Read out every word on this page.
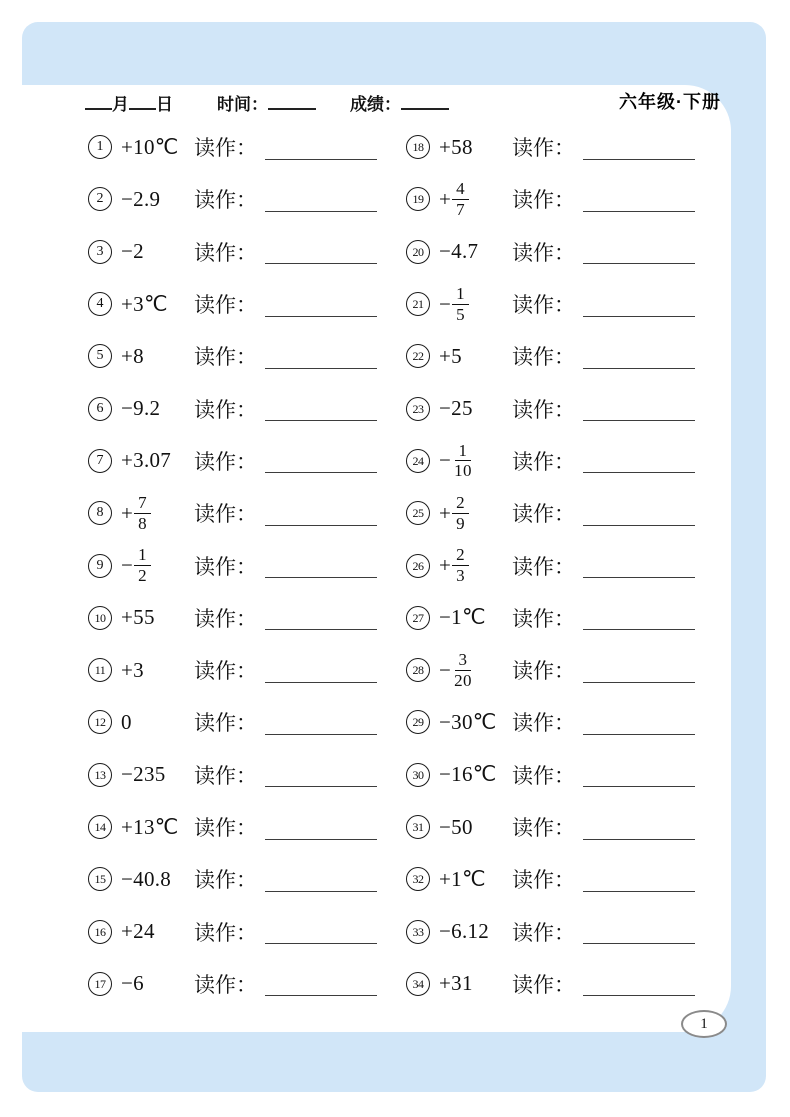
月 日	时间：	成绩：	六年级·下册
1 +10℃ 读作：
2 −2.9	读作：
3 −2	读作：
4 +3℃	读作：
5 +8	读作：
6 −9.2	读作：
7 +3.07	读作：
$8 + \frac{7}{8}$ 读作：
$9 - \frac{1}{2}$ 读作：
10 +55	读作：
11 +3	读作：
12 0	读作：
13 −235	读作：
14 +13℃ 读作：
15 −40.8	读作：
16 +24	读作：
17 −6	读作：
18 +58	读作：
$19 + \frac{4}{7}$ 读作：
20 −4.7	读作：
$21 - \frac{1}{5}$ 读作：
22 +5	读作：
23 −25	读作：
$24 - \frac{1}{10}$ 读作：
$25 + \frac{2}{9}$ 读作：
$26 + \frac{2}{3}$ 读作：
27 −1℃	读作：
$28 - \frac{3}{20}$ 读作：
29 −30℃ 读作：
30 −16℃ 读作：
31 −50	读作：
32 +1℃	读作：
33 −6.12	读作：
34 +31	读作：
1
